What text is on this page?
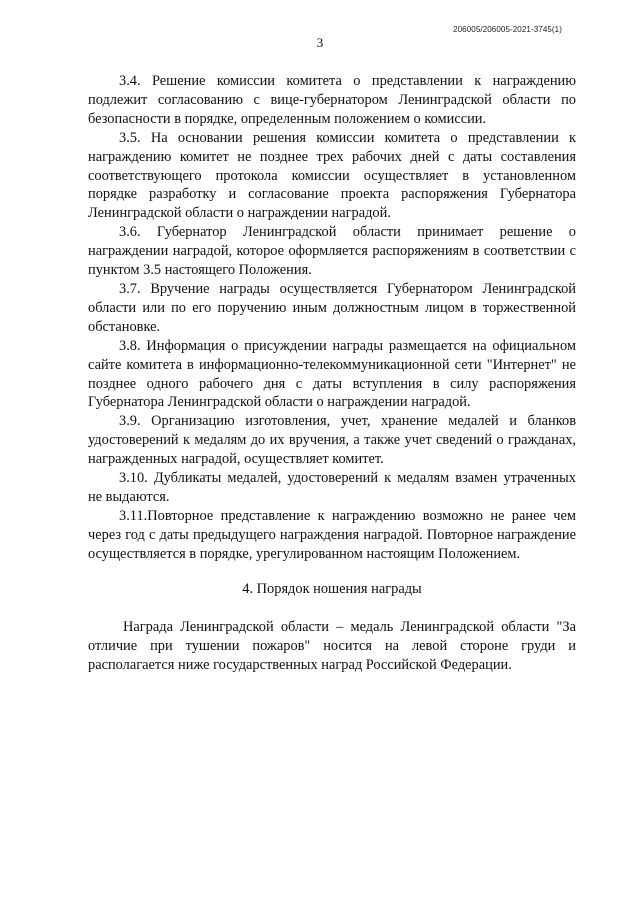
206005/206005-2021-3745(1)
3

3.4. Решение комиссии комитета о представлении к награждению подлежит согласованию с вице-губернатором Ленинградской области по безопасности в порядке, определенным положением о комиссии.

3.5. На основании решения комиссии комитета о представлении к награждению комитет не позднее трех рабочих дней с даты составления соответствующего протокола комиссии осуществляет в установленном порядке разработку и согласование проекта распоряжения Губернатора Ленинградской области о награждении наградой.

3.6. Губернатор Ленинградской области принимает решение о награждении наградой, которое оформляется распоряжениям в соответствии с пунктом 3.5 настоящего Положения.

3.7. Вручение награды осуществляется Губернатором Ленинградской области или по его поручению иным должностным лицом в торжественной обстановке.

3.8. Информация о присуждении награды размещается на официальном сайте комитета в информационно-телекоммуникационной сети "Интернет" не позднее одного рабочего дня с даты вступления в силу распоряжения Губернатора Ленинградской области о награждении наградой.

3.9. Организацию изготовления, учет, хранение медалей и бланков удостоверений к медалям до их вручения, а также учет сведений о гражданах, награжденных наградой, осуществляет комитет.

3.10. Дубликаты медалей, удостоверений к медалям взамен утраченных не выдаются.

3.11.Повторное представление к награждению возможно не ранее чем через год с даты предыдущего награждения наградой. Повторное награждение осуществляется в порядке, урегулированном настоящим Положением.

4. Порядок ношения награды

Награда Ленинградской области – медаль Ленинградской области "За отличие при тушении пожаров" носится на левой стороне груди и располагается ниже государственных наград Российской Федерации.
